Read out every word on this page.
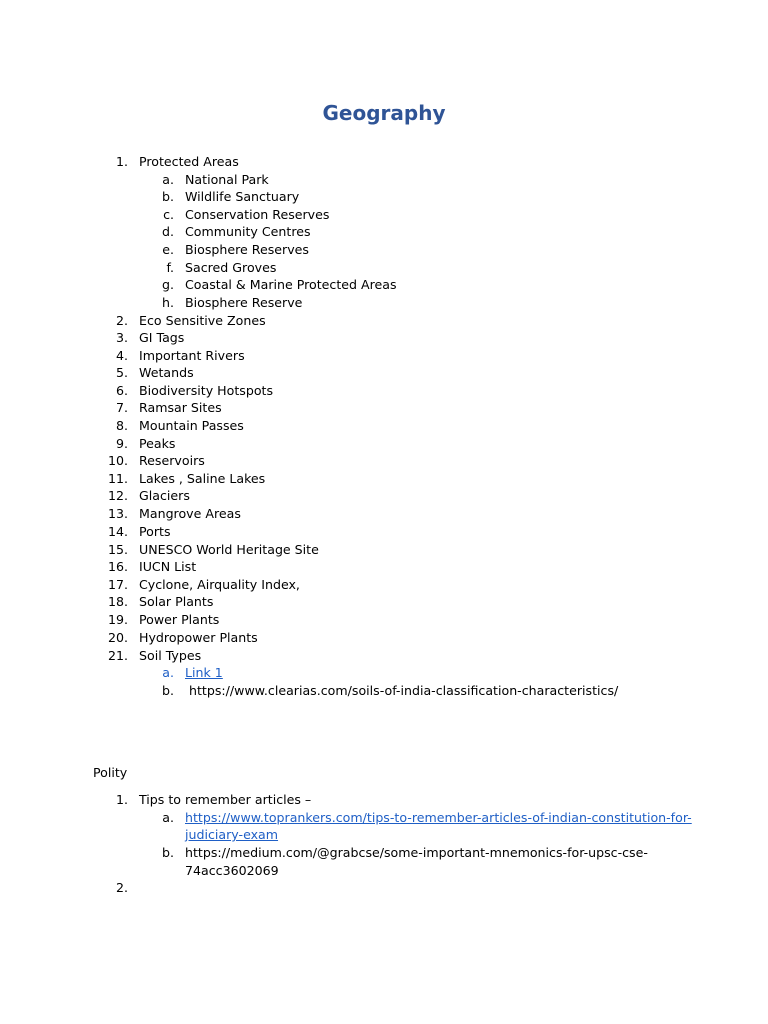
Geography
1. Protected Areas
a. National Park
b. Wildlife Sanctuary
c. Conservation Reserves
d. Community Centres
e. Biosphere Reserves
f. Sacred Groves
g. Coastal & Marine Protected Areas
h. Biosphere Reserve
2. Eco Sensitive Zones
3. GI Tags
4. Important Rivers
5. Wetands
6. Biodiversity Hotspots
7. Ramsar Sites
8. Mountain Passes
9. Peaks
10. Reservoirs
11. Lakes , Saline Lakes
12. Glaciers
13. Mangrove Areas
14. Ports
15. UNESCO World Heritage Site
16. IUCN List
17. Cyclone, Airquality Index,
18. Solar Plants
19. Power Plants
20. Hydropower Plants
21. Soil Types
a. Link 1
b. https://www.clearias.com/soils-of-india-classification-characteristics/
Polity
1. Tips to remember articles –
a. https://www.toprankers.com/tips-to-remember-articles-of-indian-constitution-for-
judiciary-exam
b. https://medium.com/@grabcse/some-important-mnemonics-for-upsc-cse-
74acc3602069
2.
